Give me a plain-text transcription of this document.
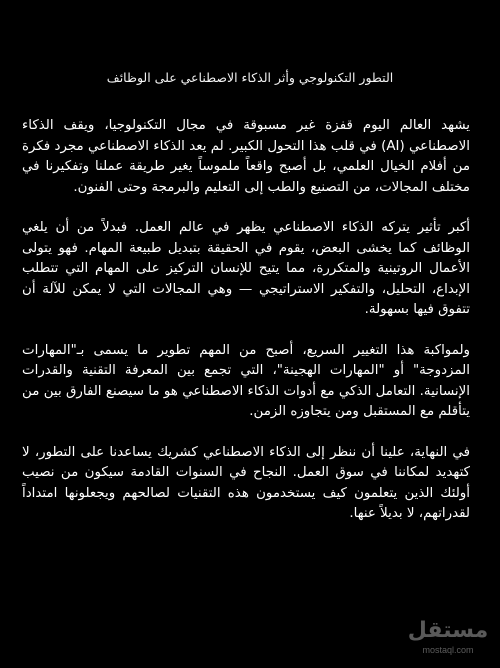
التطور التكنولوجي وأثر الذكاء الاصطناعي على الوظائف

يشهد العالم اليوم قفزة غير مسبوقة في مجال التكنولوجيا، ويقف الذكاء الاصطناعي (AI) في قلب هذا التحول الكبير. لم يعد الذكاء الاصطناعي مجرد فكرة من أفلام الخيال العلمي، بل أصبح واقعاً ملموساً يغير طريقة عملنا وتفكيرنا في مختلف المجالات، من التصنيع والطب إلى التعليم والبرمجة وحتى الفنون.

أكبر تأثير يتركه الذكاء الاصطناعي يظهر في عالم العمل. فبدلاً من أن يلغي الوظائف كما يخشى البعض، يقوم في الحقيقة بتبديل طبيعة المهام. فهو يتولى الأعمال الروتينية والمتكررة، مما يتيح للإنسان التركيز على المهام التي تتطلب الإبداع، التحليل، والتفكير الاستراتيجي — وهي المجالات التي لا يمكن للآلة أن تتفوق فيها بسهولة.

ولمواكبة هذا التغيير السريع، أصبح من المهم تطوير ما يسمى بـ"المهارات المزدوجة" أو "المهارات الهجينة"، التي تجمع بين المعرفة التقنية والقدرات الإنسانية. التعامل الذكي مع أدوات الذكاء الاصطناعي هو ما سيصنع الفارق بين من يتأقلم مع المستقبل ومن يتجاوزه الزمن.

في النهاية، علينا أن ننظر إلى الذكاء الاصطناعي كشريك يساعدنا على التطور، لا كتهديد لمكاننا في سوق العمل. النجاح في السنوات القادمة سيكون من نصيب أولئك الذين يتعلمون كيف يستخدمون هذه التقنيات لصالحهم ويجعلونها امتداداً لقدراتهم، لا بديلاً عنها.

مستقل
mostaql.com
